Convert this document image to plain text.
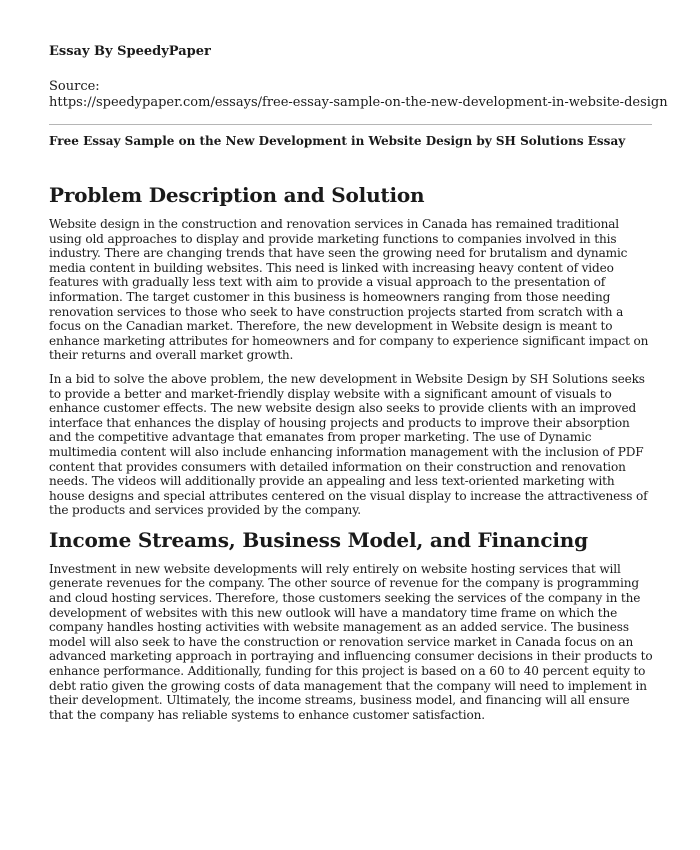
Essay By SpeedyPaper

Source:

https://speedypaper.com/essays/free-essay-sample-on-the-new-development-in-website-design

Free Essay Sample on the New Development in Website Design by SH Solutions Essay

Problem Description and Solution

Website design in the construction and renovation services in Canada has remained traditional using old approaches to display and provide marketing functions to companies involved in this industry. There are changing trends that have seen the growing need for brutalism and dynamic media content in building websites. This need is linked with increasing heavy content of video features with gradually less text with aim to provide a visual approach to the presentation of information. The target customer in this business is homeowners ranging from those needing renovation services to those who seek to have construction projects started from scratch with a focus on the Canadian market. Therefore, the new development in Website design is meant to enhance marketing attributes for homeowners and for company to experience significant impact on their returns and overall market growth.

In a bid to solve the above problem, the new development in Website Design by SH Solutions seeks to provide a better and market-friendly display website with a significant amount of visuals to enhance customer effects. The new website design also seeks to provide clients with an improved interface that enhances the display of housing projects and products to improve their absorption and the competitive advantage that emanates from proper marketing. The use of Dynamic multimedia content will also include enhancing information management with the inclusion of PDF content that provides consumers with detailed information on their construction and renovation needs. The videos will additionally provide an appealing and less text-oriented marketing with house designs and special attributes centered on the visual display to increase the attractiveness of the products and services provided by the company.

Income Streams, Business Model, and Financing

Investment in new website developments will rely entirely on website hosting services that will generate revenues for the company. The other source of revenue for the company is programming and cloud hosting services. Therefore, those customers seeking the services of the company in the development of websites with this new outlook will have a mandatory time frame on which the company handles hosting activities with website management as an added service. The business model will also seek to have the construction or renovation service market in Canada focus on an advanced marketing approach in portraying and influencing consumer decisions in their products to enhance performance. Additionally, funding for this project is based on a 60 to 40 percent equity to debt ratio given the growing costs of data management that the company will need to implement in their development. Ultimately, the income streams, business model, and financing will all ensure that the company has reliable systems to enhance customer satisfaction.
